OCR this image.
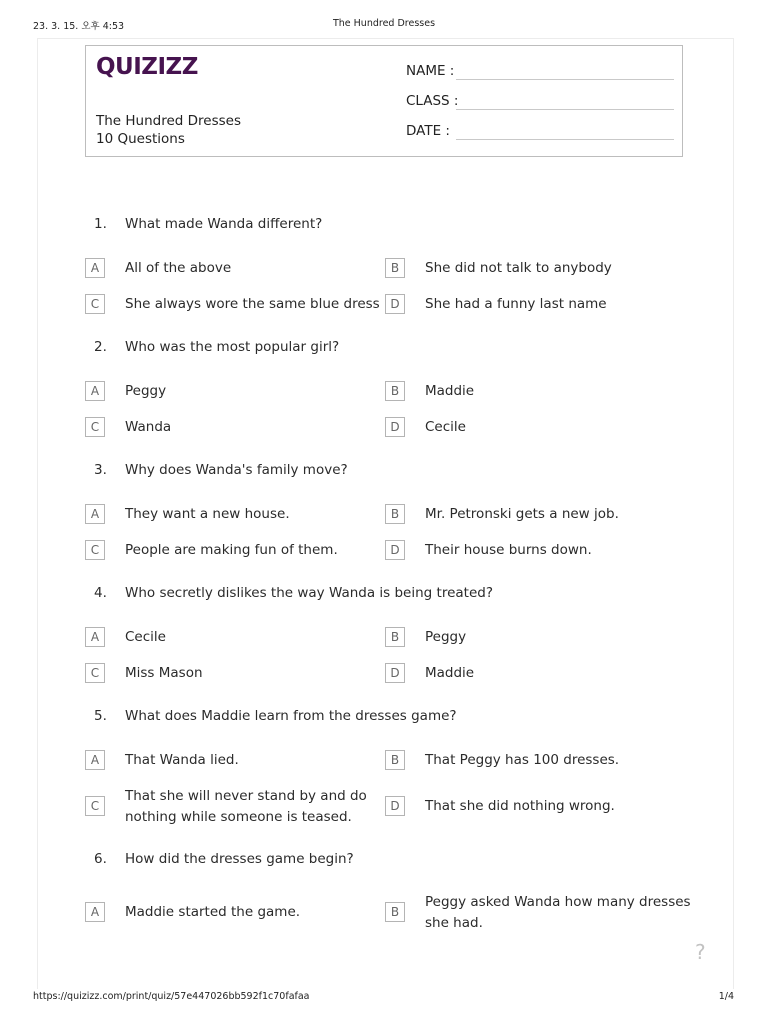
23. 3. 15. 오후 4:53	The Hundred Dresses
QUIZIZZ
The Hundred Dresses
10 Questions
NAME :
CLASS :
DATE :
1.	What made Wanda different?
A	All of the above	B	She did not talk to anybody
C	She always wore the same blue dress D	She had a funny last name
2.	Who was the most popular girl?
A	Peggy	B	Maddie
C	Wanda	D	Cecile
3.	Why does Wanda's family move?
A	They want a new house.	B	Mr. Petronski gets a new job.
C	People are making fun of them.	D	Their house burns down.
4.	Who secretly dislikes the way Wanda is being treated?
A	Cecile	B	Peggy
C	Miss Mason	D	Maddie
5.	What does Maddie learn from the dresses game?
A	That Wanda lied.	B	That Peggy has 100 dresses.
C
That she will never stand by and do
nothing while someone is teased.
D	That she did nothing wrong.
6.	How did the dresses game begin?
A	Maddie started the game.	B
Peggy asked Wanda how many dresses
she had.
?
https://quizizz.com/print/quiz/57e447026bb592f1c70fafaa	1/4
